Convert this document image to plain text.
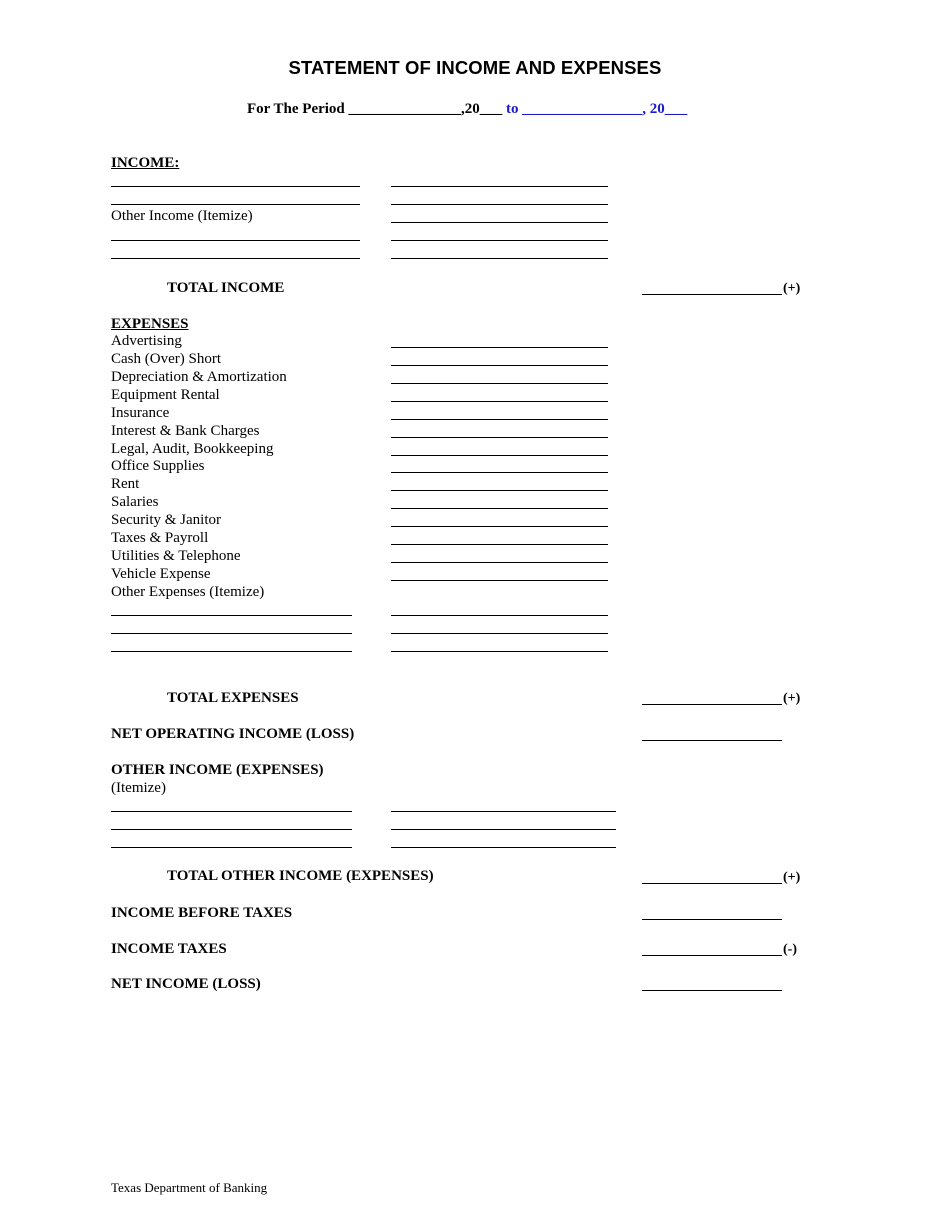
STATEMENT OF INCOME AND EXPENSES
For The Period _______________,20___ to ________________, 20___
INCOME:
Other Income (Itemize)
TOTAL INCOME	(+)
EXPENSES
Advertising
Cash (Over) Short
Depreciation & Amortization
Equipment Rental
Insurance
Interest & Bank Charges
Legal, Audit, Bookkeeping
Office Supplies
Rent
Salaries
Security & Janitor
Taxes & Payroll
Utilities & Telephone
Vehicle Expense
Other Expenses (Itemize)
TOTAL EXPENSES	(+)
NET OPERATING INCOME (LOSS)
OTHER INCOME (EXPENSES)
(Itemize)
TOTAL OTHER INCOME (EXPENSES)	(+)
INCOME BEFORE TAXES
INCOME TAXES	(-)
NET INCOME (LOSS)
Texas Department of Banking
